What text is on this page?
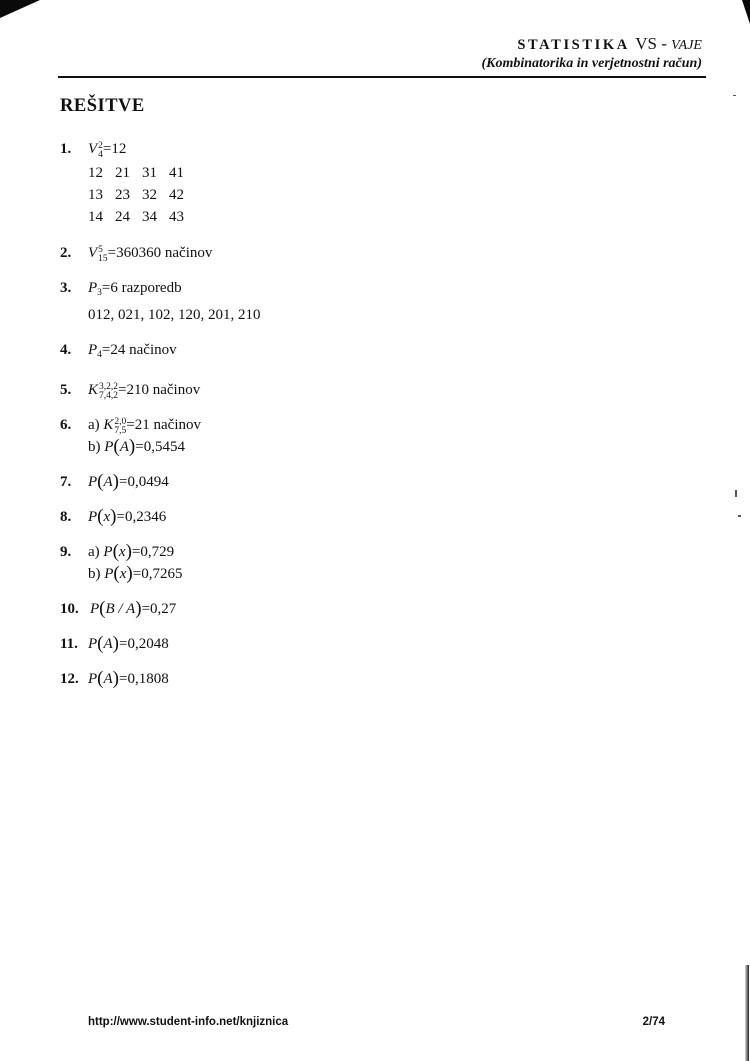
STATISTIKA VS - VAJE
(Kombinatorika in verjetnostni račun)
REŠITVE
1. V 2
4 =12
12 21 31 41
13 23 32 42
14 24 34 43
2. V 5
15 =360360 načinov
3. $P_3=6$ razporedb
012, 021, 102, 120, 201, 210
4. $P_4=24$ načinov
5. K 3,2,2
7,4,2 =210 načinov
6. a) K 2,0
7,5 =21 načinov
b) P(A)=0,5454
7. P(A)=0,0494
8. P(x)=0,2346
9. a) P(x)=0,729
b) P(x)=0,7265
10. P(B / A)=0,27
11. P(A)=0,2048
12. P(A)=0,1808
http://www.student-info.net/knjiznica	2/74
